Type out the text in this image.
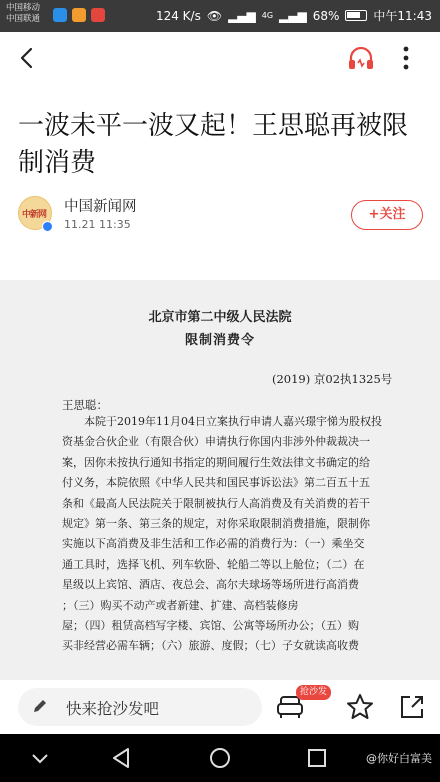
中国移动
中国联通	124 K/s 👁 ▂▄▆ 4G ▂▄▆ 68%	中午11:43
一波未平一波又起！王思聪再被限制消费
中新网 中国新闻网
11.21 11:35
+关注
北京市第二中级人民法院
限制消费令
(2019) 京02执1325号
王思聪：
本院于2019年11月04日立案执行申请人嘉兴璟宇悌为股权投
资基金合伙企业（有限合伙）申请执行你国内非涉外仲裁裁决一
案，因你未按执行通知书指定的期间履行生效法律文书确定的给
付义务，本院依照《中华人民共和国民事诉讼法》第二百五十五
条和《最高人民法院关于限制被执行人高消费及有关消费的若干
规定》第一条、第三条的规定，对你采取限制消费措施，限制你
实施以下高消费及非生活和工作必需的消费行为：（一）乘坐交
通工具时，选择飞机、列车软卧、轮船二等以上舱位；（二）在
星级以上宾馆、酒店、夜总会、高尔夫球场等场所进行高消费
；（三）购买不动产或者新建、扩建、高档装修房
屋；（四）租赁高档写字楼、宾馆、公寓等场所办公；（五）购
买非经营必需车辆；（六）旅游、度假；（七）子女就读高收费
快来抢沙发吧
抢沙发
@你好白富美
